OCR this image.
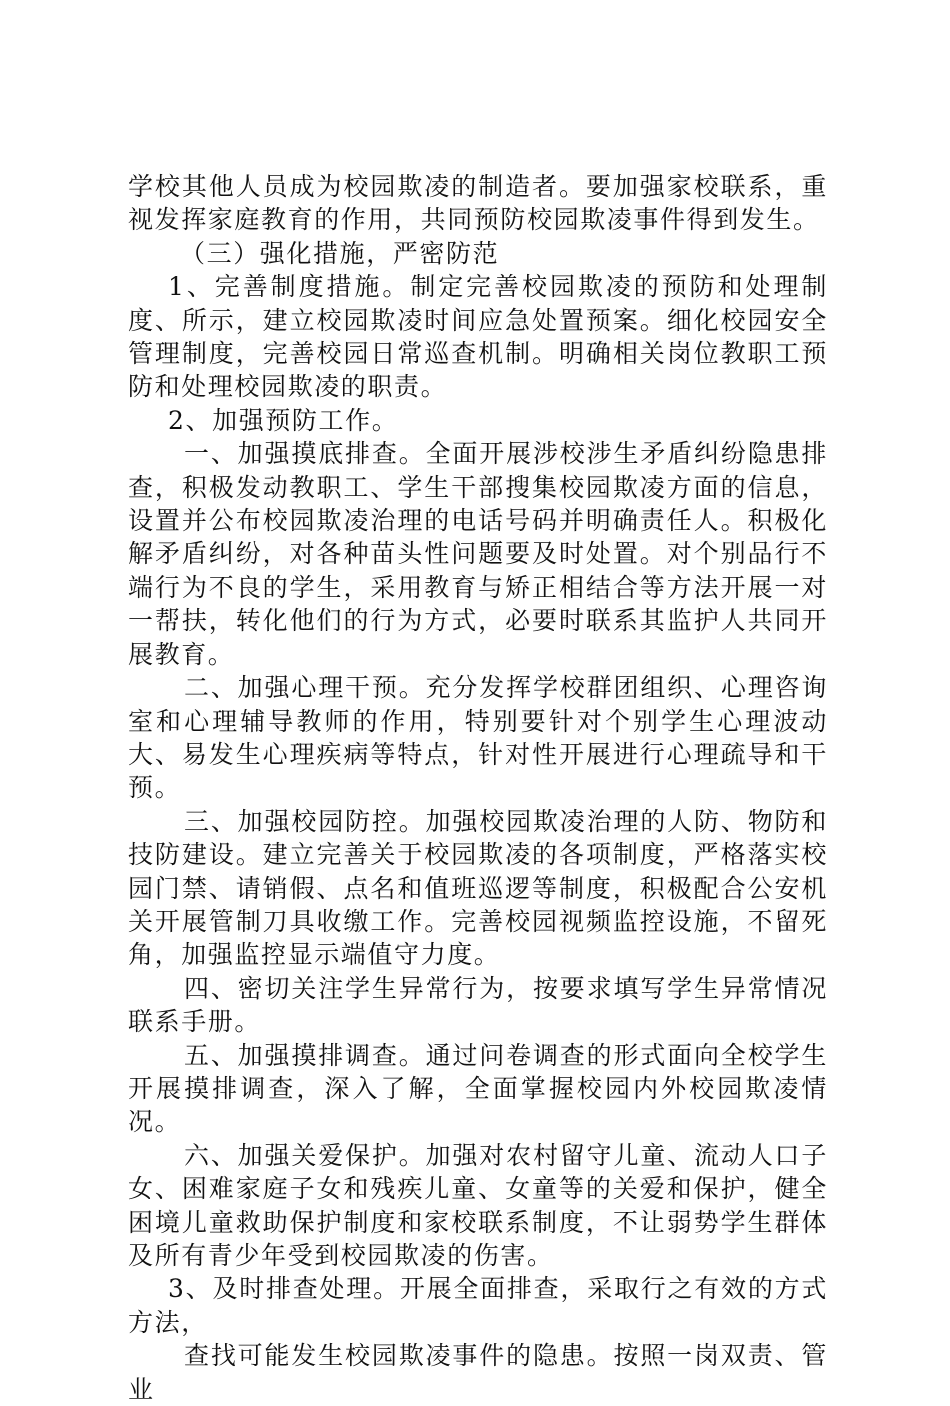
学校其他人员成为校园欺凌的制造者。要加强家校联系，重视发挥家庭教育的作用，共同预防校园欺凌事件得到发生。

（三）强化措施，严密防范

1、完善制度措施。制定完善校园欺凌的预防和处理制度、所示，建立校园欺凌时间应急处置预案。细化校园安全管理制度，完善校园日常巡查机制。明确相关岗位教职工预防和处理校园欺凌的职责。

2、加强预防工作。

一、加强摸底排查。全面开展涉校涉生矛盾纠纷隐患排查，积极发动教职工、学生干部搜集校园欺凌方面的信息，设置并公布校园欺凌治理的电话号码并明确责任人。积极化解矛盾纠纷，对各种苗头性问题要及时处置。对个别品行不端行为不良的学生，采用教育与矫正相结合等方法开展一对一帮扶，转化他们的行为方式，必要时联系其监护人共同开展教育。

二、加强心理干预。充分发挥学校群团组织、心理咨询室和心理辅导教师的作用，特别要针对个别学生心理波动大、易发生心理疾病等特点，针对性开展进行心理疏导和干预。

三、加强校园防控。加强校园欺凌治理的人防、物防和技防建设。建立完善关于校园欺凌的各项制度，严格落实校园门禁、请销假、点名和值班巡逻等制度，积极配合公安机关开展管制刀具收缴工作。完善校园视频监控设施，不留死角，加强监控显示端值守力度。

四、密切关注学生异常行为，按要求填写学生异常情况联系手册。

五、加强摸排调查。通过问卷调查的形式面向全校学生开展摸排调查，深入了解，全面掌握校园内外校园欺凌情况。

六、加强关爱保护。加强对农村留守儿童、流动人口子女、困难家庭子女和残疾儿童、女童等的关爱和保护，健全困境儿童救助保护制度和家校联系制度，不让弱势学生群体及所有青少年受到校园欺凌的伤害。

3、及时排查处理。开展全面排查，采取行之有效的方式方法，

查找可能发生校园欺凌事件的隐患。按照一岗双责、管业
